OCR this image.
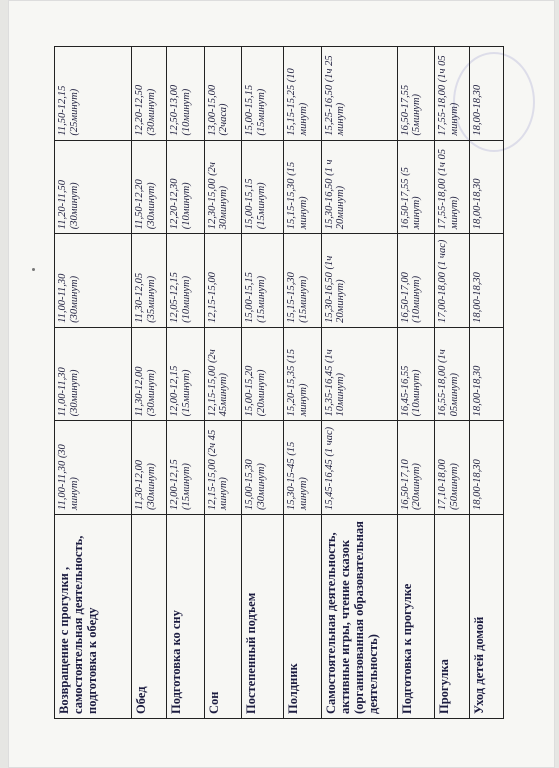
Возвращение с прогулки , самостоятельная деятельность, подготовка к обеду	11,00-11,30 (30 минут)	11,00-11,30 (30минут)	11,00-11,30 (30минут)	11,20-11,50 (30минут)	11,50-12,15 (25минут)
Обед	11,30-12,00 (30минут)	11,30-12,00 (30минут)	11,30-12,05 (35минут)	11,50-12,20 (30минут)	12,20-12,50 (30минут)
Подготовка ко сну	12,00-12,15 (15минут)	12,00-12,15 (15минут)	12,05-12,15 (10минут)	12,20-12,30 (10минут)	12,50-13,00 (10минут)
Сон	12,15-15,00 (2ч 45 минут)	12,15-15,00 (2ч 45минут)	12,15-15,00	12,30-15,00 (2ч 30минут)	13,00-15,00 (2часа)
Постепенный подъем	15,00-15,30 (30минут)	15,00-15,20 (20минут)	15,00-15,15 (15минут)	15,00-15,15 (15минут)	15,00-15,15 (15минут)
Полдник	15,30-15-45 (15 минут)	15,20-15,35 (15 минут)	15,15-15,30 (15минут)	15,15-15,30 (15 минут)	15,15-15,25 (10 минут)
Самостоятельная деятельность, активные игры, чтение сказок (организованная образовательная деятельность)	15,45-16,45 (1 час)	15,35-16,45 (1ч 10минут)	15,30-16,50 (1ч 20минут)	15,30-16,50 (1 ч 20минут)	15,25-16,50 (1ч 25 минут)
Подготовка к прогулке	16,50-17,10 (20минут)	16,45-16,55 (10минут)	16,50-17,00 (10минут)	16,50-17,55 (5 минут)	16,50-17,55 (5минут)
Прогулка	17,10-18,00 (50минут)	16,55-18,00 (1ч 05минут)	17,00-18,00 (1 час)	17,55-18,00 (1ч 05 минут)	17,55-18,00 (1ч 05 минут)
Уход детей домой	18,00-18,30	18,00-18,30	18,00-18,30	18,00-18,30	18,00-18,30
